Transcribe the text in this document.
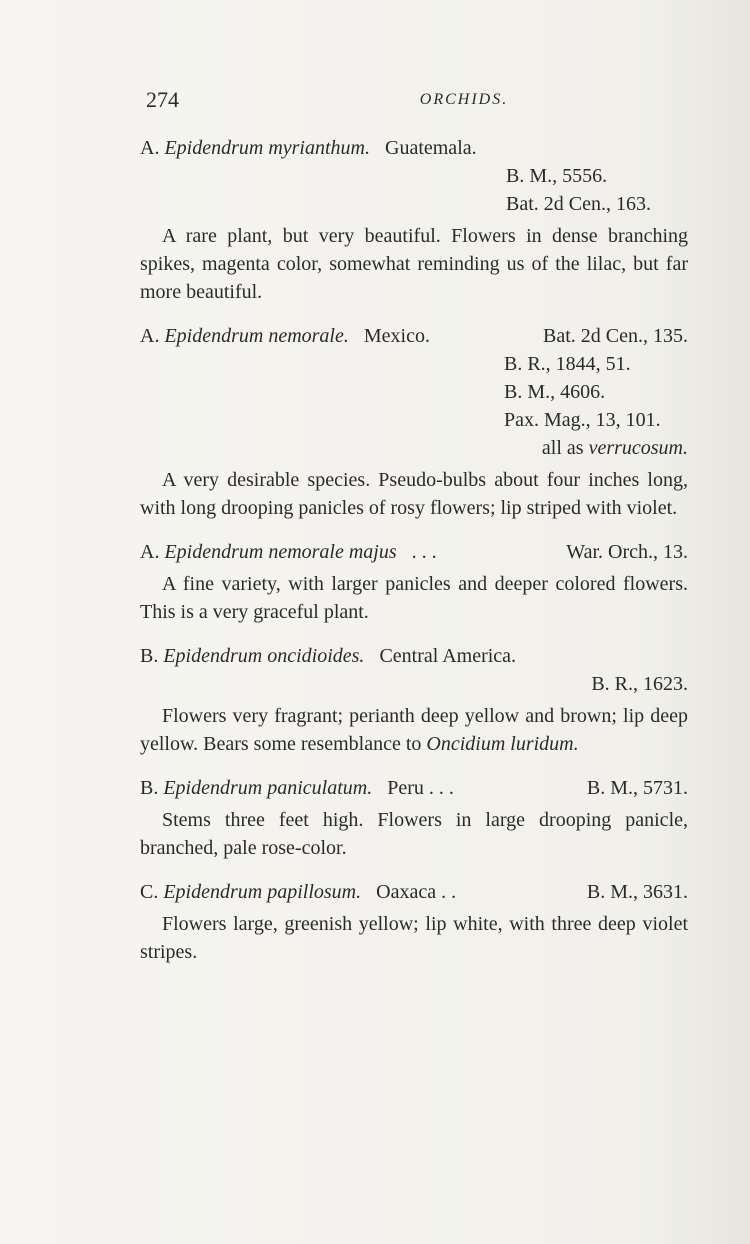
274	ORCHIDS.
A. Epidendrum myrianthum. Guatemala.
B. M., 5556.
Bat. 2d Cen., 163.
A rare plant, but very beautiful. Flowers in dense branching spikes, magenta color, somewhat reminding us of the lilac, but far more beautiful.
A. Epidendrum nemorale. Mexico.	Bat. 2d Cen., 135.
B. R., 1844, 51.
B. M., 4606.
Pax. Mag., 13, 101.
all as verrucosum.
A very desirable species. Pseudo-bulbs about four inches long, with long drooping panicles of rosy flowers; lip striped with violet.
A. Epidendrum nemorale majus . . .	War. Orch., 13.
A fine variety, with larger panicles and deeper colored flowers. This is a very graceful plant.
B. Epidendrum oncidioides. Central America.
B. R., 1623.
Flowers very fragrant; perianth deep yellow and brown; lip deep yellow. Bears some resemblance to Oncidium luridum.
B. Epidendrum paniculatum. Peru . . .	B. M., 5731.
Stems three feet high. Flowers in large drooping panicle, branched, pale rose-color.
C. Epidendrum papillosum. Oaxaca . .	B. M., 3631.
Flowers large, greenish yellow; lip white, with three deep violet stripes.
